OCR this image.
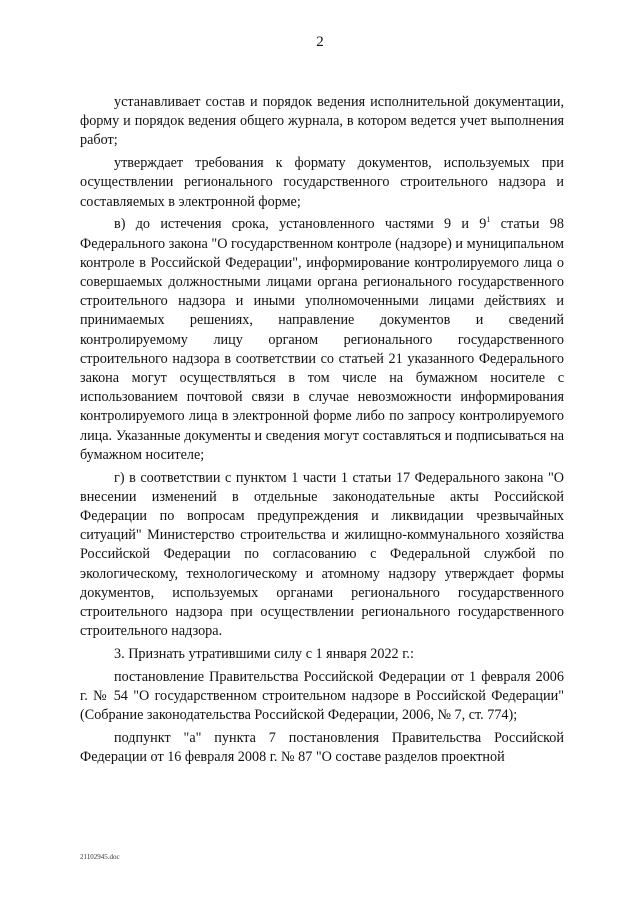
2

устанавливает состав и порядок ведения исполнительной документации, форму и порядок ведения общего журнала, в котором ведется учет выполнения работ;

утверждает требования к формату документов, используемых при осуществлении регионального государственного строительного надзора и составляемых в электронной форме;

в) до истечения срока, установленного частями 9 и $9^1$ статьи 98 Федерального закона "О государственном контроле (надзоре) и муниципальном контроле в Российской Федерации", информирование контролируемого лица о совершаемых должностными лицами органа регионального государственного строительного надзора и иными уполномоченными лицами действиях и принимаемых решениях, направление документов и сведений контролируемому лицу органом регионального государственного строительного надзора в соответствии со статьей 21 указанного Федерального закона могут осуществляться в том числе на бумажном носителе с использованием почтовой связи в случае невозможности информирования контролируемого лица в электронной форме либо по запросу контролируемого лица. Указанные документы и сведения могут составляться и подписываться на бумажном носителе;

г) в соответствии с пунктом 1 части 1 статьи 17 Федерального закона "О внесении изменений в отдельные законодательные акты Российской Федерации по вопросам предупреждения и ликвидации чрезвычайных ситуаций" Министерство строительства и жилищно-коммунального хозяйства Российской Федерации по согласованию с Федеральной службой по экологическому, технологическому и атомному надзору утверждает формы документов, используемых органами регионального государственного строительного надзора при осуществлении регионального государственного строительного надзора.

3. Признать утратившими силу с 1 января 2022 г.:

постановление Правительства Российской Федерации от 1 февраля 2006 г. № 54 "О государственном строительном надзоре в Российской Федерации" (Собрание законодательства Российской Федерации, 2006, № 7, ст. 774);

подпункт "а" пункта 7 постановления Правительства Российской Федерации от 16 февраля 2008 г. № 87 "О составе разделов проектной

21102945.doc
